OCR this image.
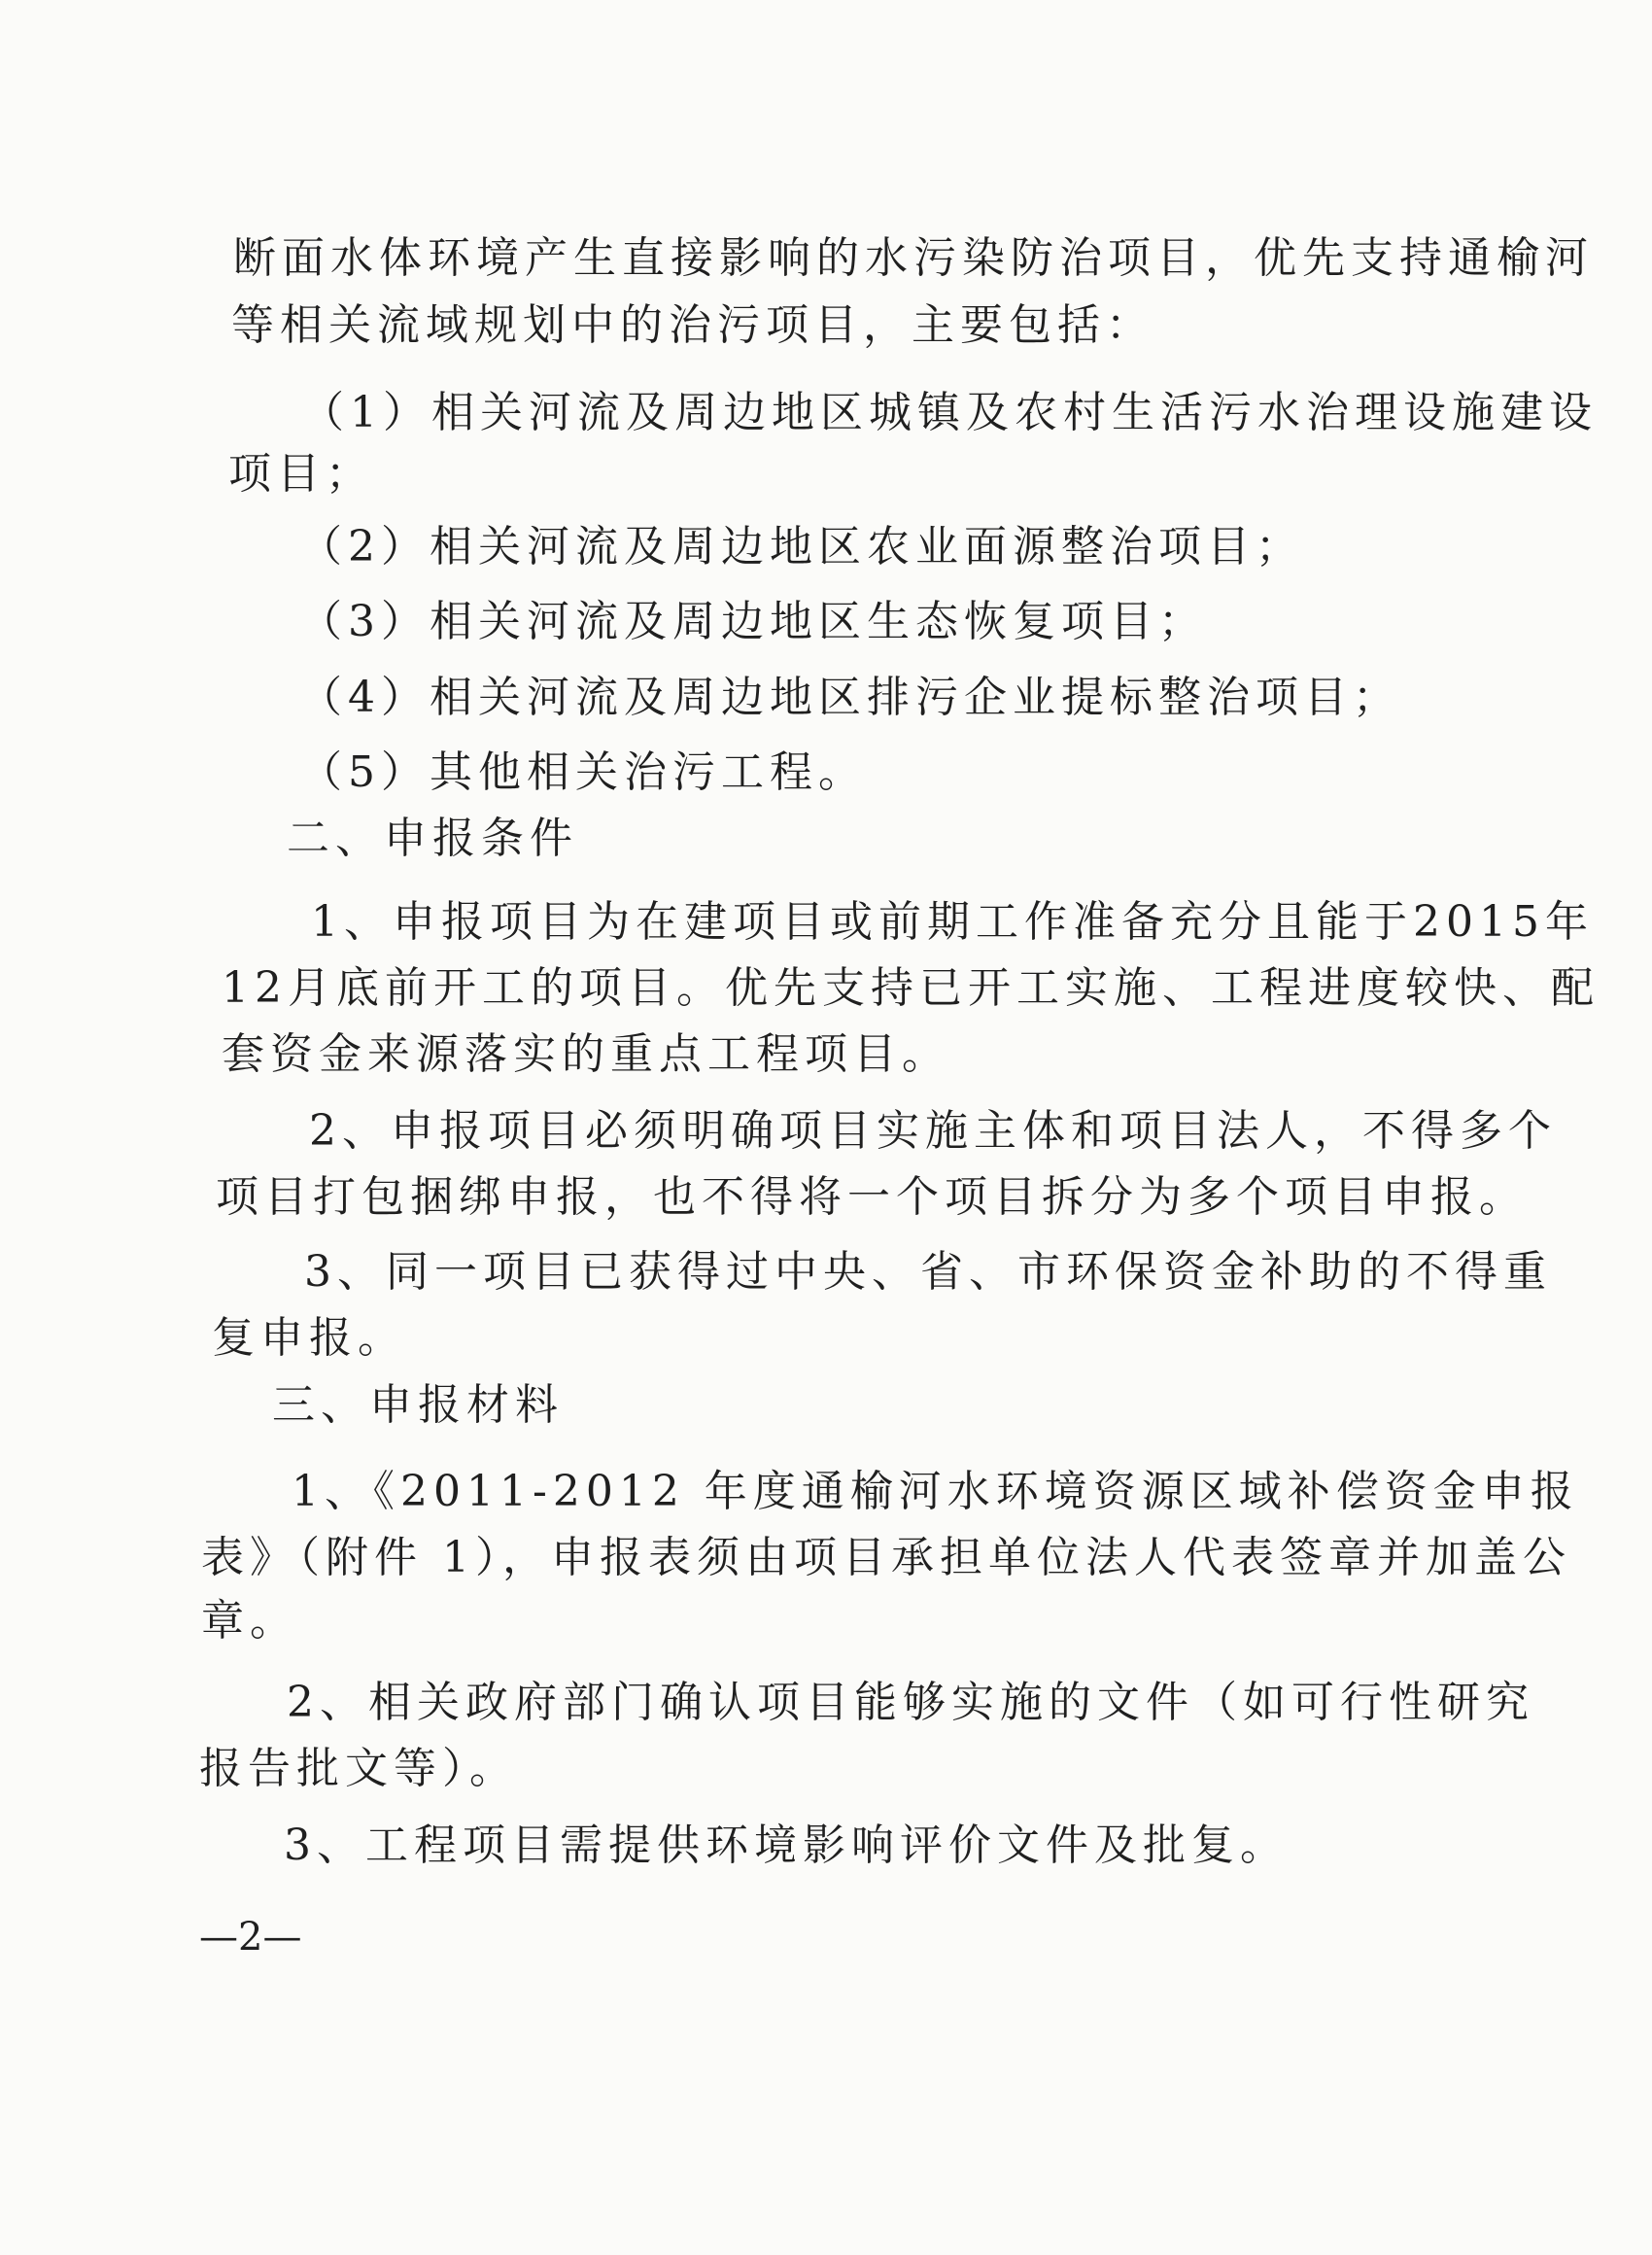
断面水体环境产生直接影响的水污染防治项目，优先支持通榆河
等相关流域规划中的治污项目，主要包括：
（1）相关河流及周边地区城镇及农村生活污水治理设施建设
项目；
（2）相关河流及周边地区农业面源整治项目；
（3）相关河流及周边地区生态恢复项目；
（4）相关河流及周边地区排污企业提标整治项目；
（5）其他相关治污工程。
二、申报条件
1、申报项目为在建项目或前期工作准备充分且能于2015年
12月底前开工的项目。优先支持已开工实施、工程进度较快、配
套资金来源落实的重点工程项目。
2、申报项目必须明确项目实施主体和项目法人，不得多个
项目打包捆绑申报，也不得将一个项目拆分为多个项目申报。
3、同一项目已获得过中央、省、市环保资金补助的不得重
复申报。
三、申报材料
1、《2011-2012 年度通榆河水环境资源区域补偿资金申报
表》（附件 1），申报表须由项目承担单位法人代表签章并加盖公
章。
2、相关政府部门确认项目能够实施的文件（如可行性研究
报告批文等）。
3、工程项目需提供环境影响评价文件及批复。
—2—
